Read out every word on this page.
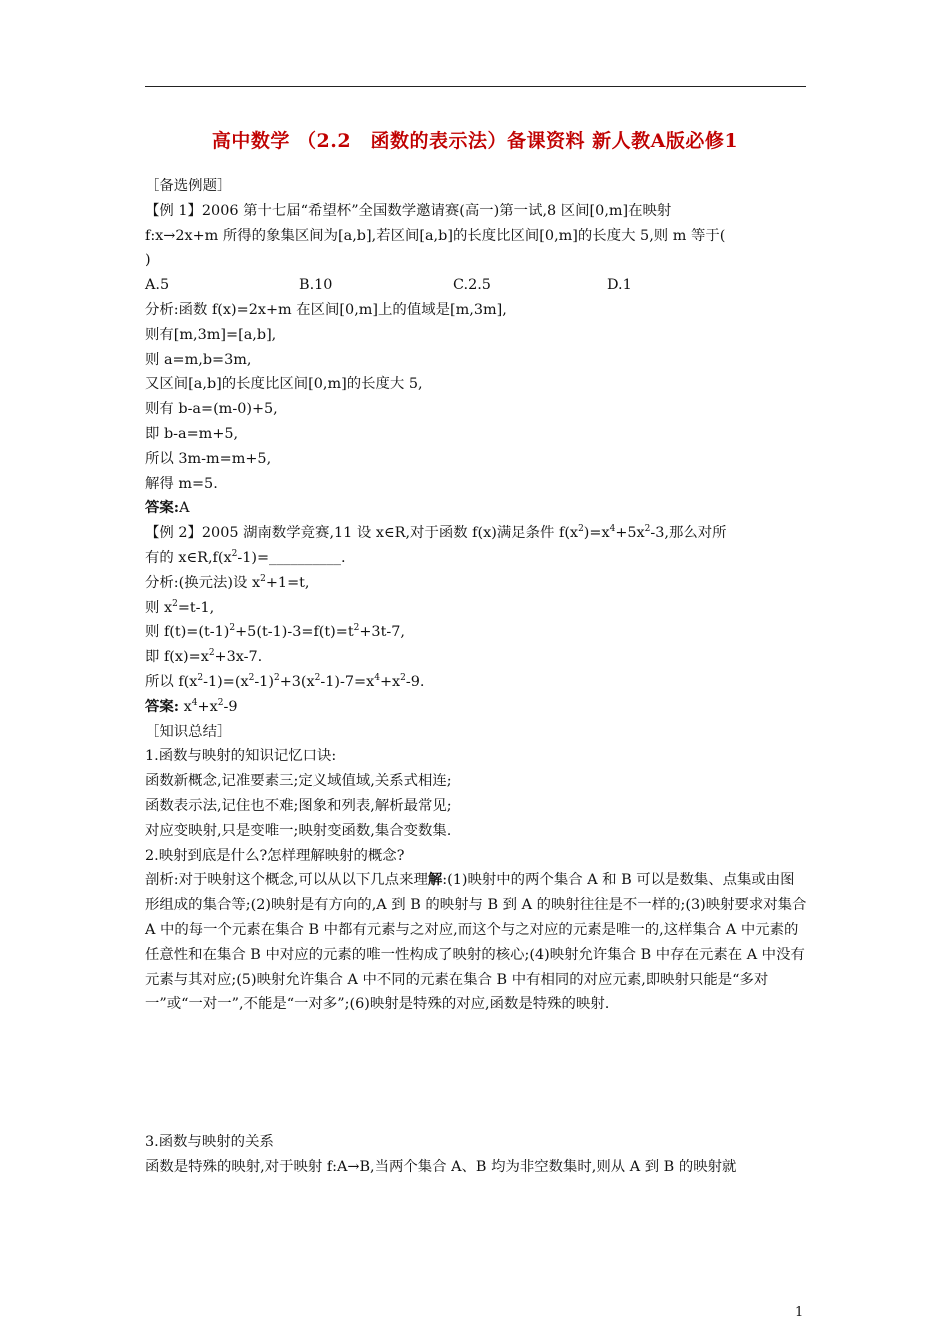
高中数学 （2.2　函数的表示法）备课资料 新人教A版必修1

［备选例题］

【例 1】2006 第十七届“希望杯”全国数学邀请赛(高一)第一试,8 区间[0,m]在映射

f:x→2x+m 所得的象集区间为[a,b],若区间[a,b]的长度比区间[0,m]的长度大 5,则 m 等于(

)

A.5	B.10	C.2.5	D.1

分析:函数 f(x)=2x+m 在区间[0,m]上的值域是[m,3m],

则有[m,3m]=[a,b],

则 a=m,b=3m,

又区间[a,b]的长度比区间[0,m]的长度大 5,

则有 b-a=(m-0)+5,

即 b-a=m+5,

所以 3m-m=m+5,

解得 m=5.

答案:A

【例 2】2005 湖南数学竞赛,11 设 x∈R,对于函数 f(x)满足条件 $f(x^2)=x^4+5x^2-3$,那么对所

有的 $x\in R,f(x^2-1)=\_\_\_\_\_\_\_\_\_\_$.

分析:(换元法)设 $x^2+1=t$,

则 $x^2=t-1$,

则 $f(t)=(t-1)^2+5(t-1)-3=f(t)=t^2+3t-7$,

即 $f(x)=x^2+3x-7$.

所以 $f(x^2-1)=(x^2-1)^2+3(x^2-1)-7=x^4+x^2-9$.

答案: $x^4+x^2-9$

［知识总结］

1.函数与映射的知识记忆口诀:

函数新概念,记准要素三;定义域值域,关系式相连;

函数表示法,记住也不难;图象和列表,解析最常见;

对应变映射,只是变唯一;映射变函数,集合变数集.

2.映射到底是什么?怎样理解映射的概念?

剖析:对于映射这个概念,可以从以下几点来理解:(1)映射中的两个集合 A 和 B 可以是数集、点集或由图形组成的集合等;(2)映射是有方向的,A 到 B 的映射与 B 到 A 的映射往往是不一样的;(3)映射要求对集合 A 中的每一个元素在集合 B 中都有元素与之对应,而这个与之对应的元素是唯一的,这样集合 A 中元素的任意性和在集合 B 中对应的元素的唯一性构成了映射的核心;(4)映射允许集合 B 中存在元素在 A 中没有元素与其对应;(5)映射允许集合 A 中不同的元素在集合 B 中有相同的对应元素,即映射只能是“多对一”或“一对一”,不能是“一对多”;(6)映射是特殊的对应,函数是特殊的映射.

3.函数与映射的关系

函数是特殊的映射,对于映射 f:A→B,当两个集合 A、B 均为非空数集时,则从 A 到 B 的映射就

1
